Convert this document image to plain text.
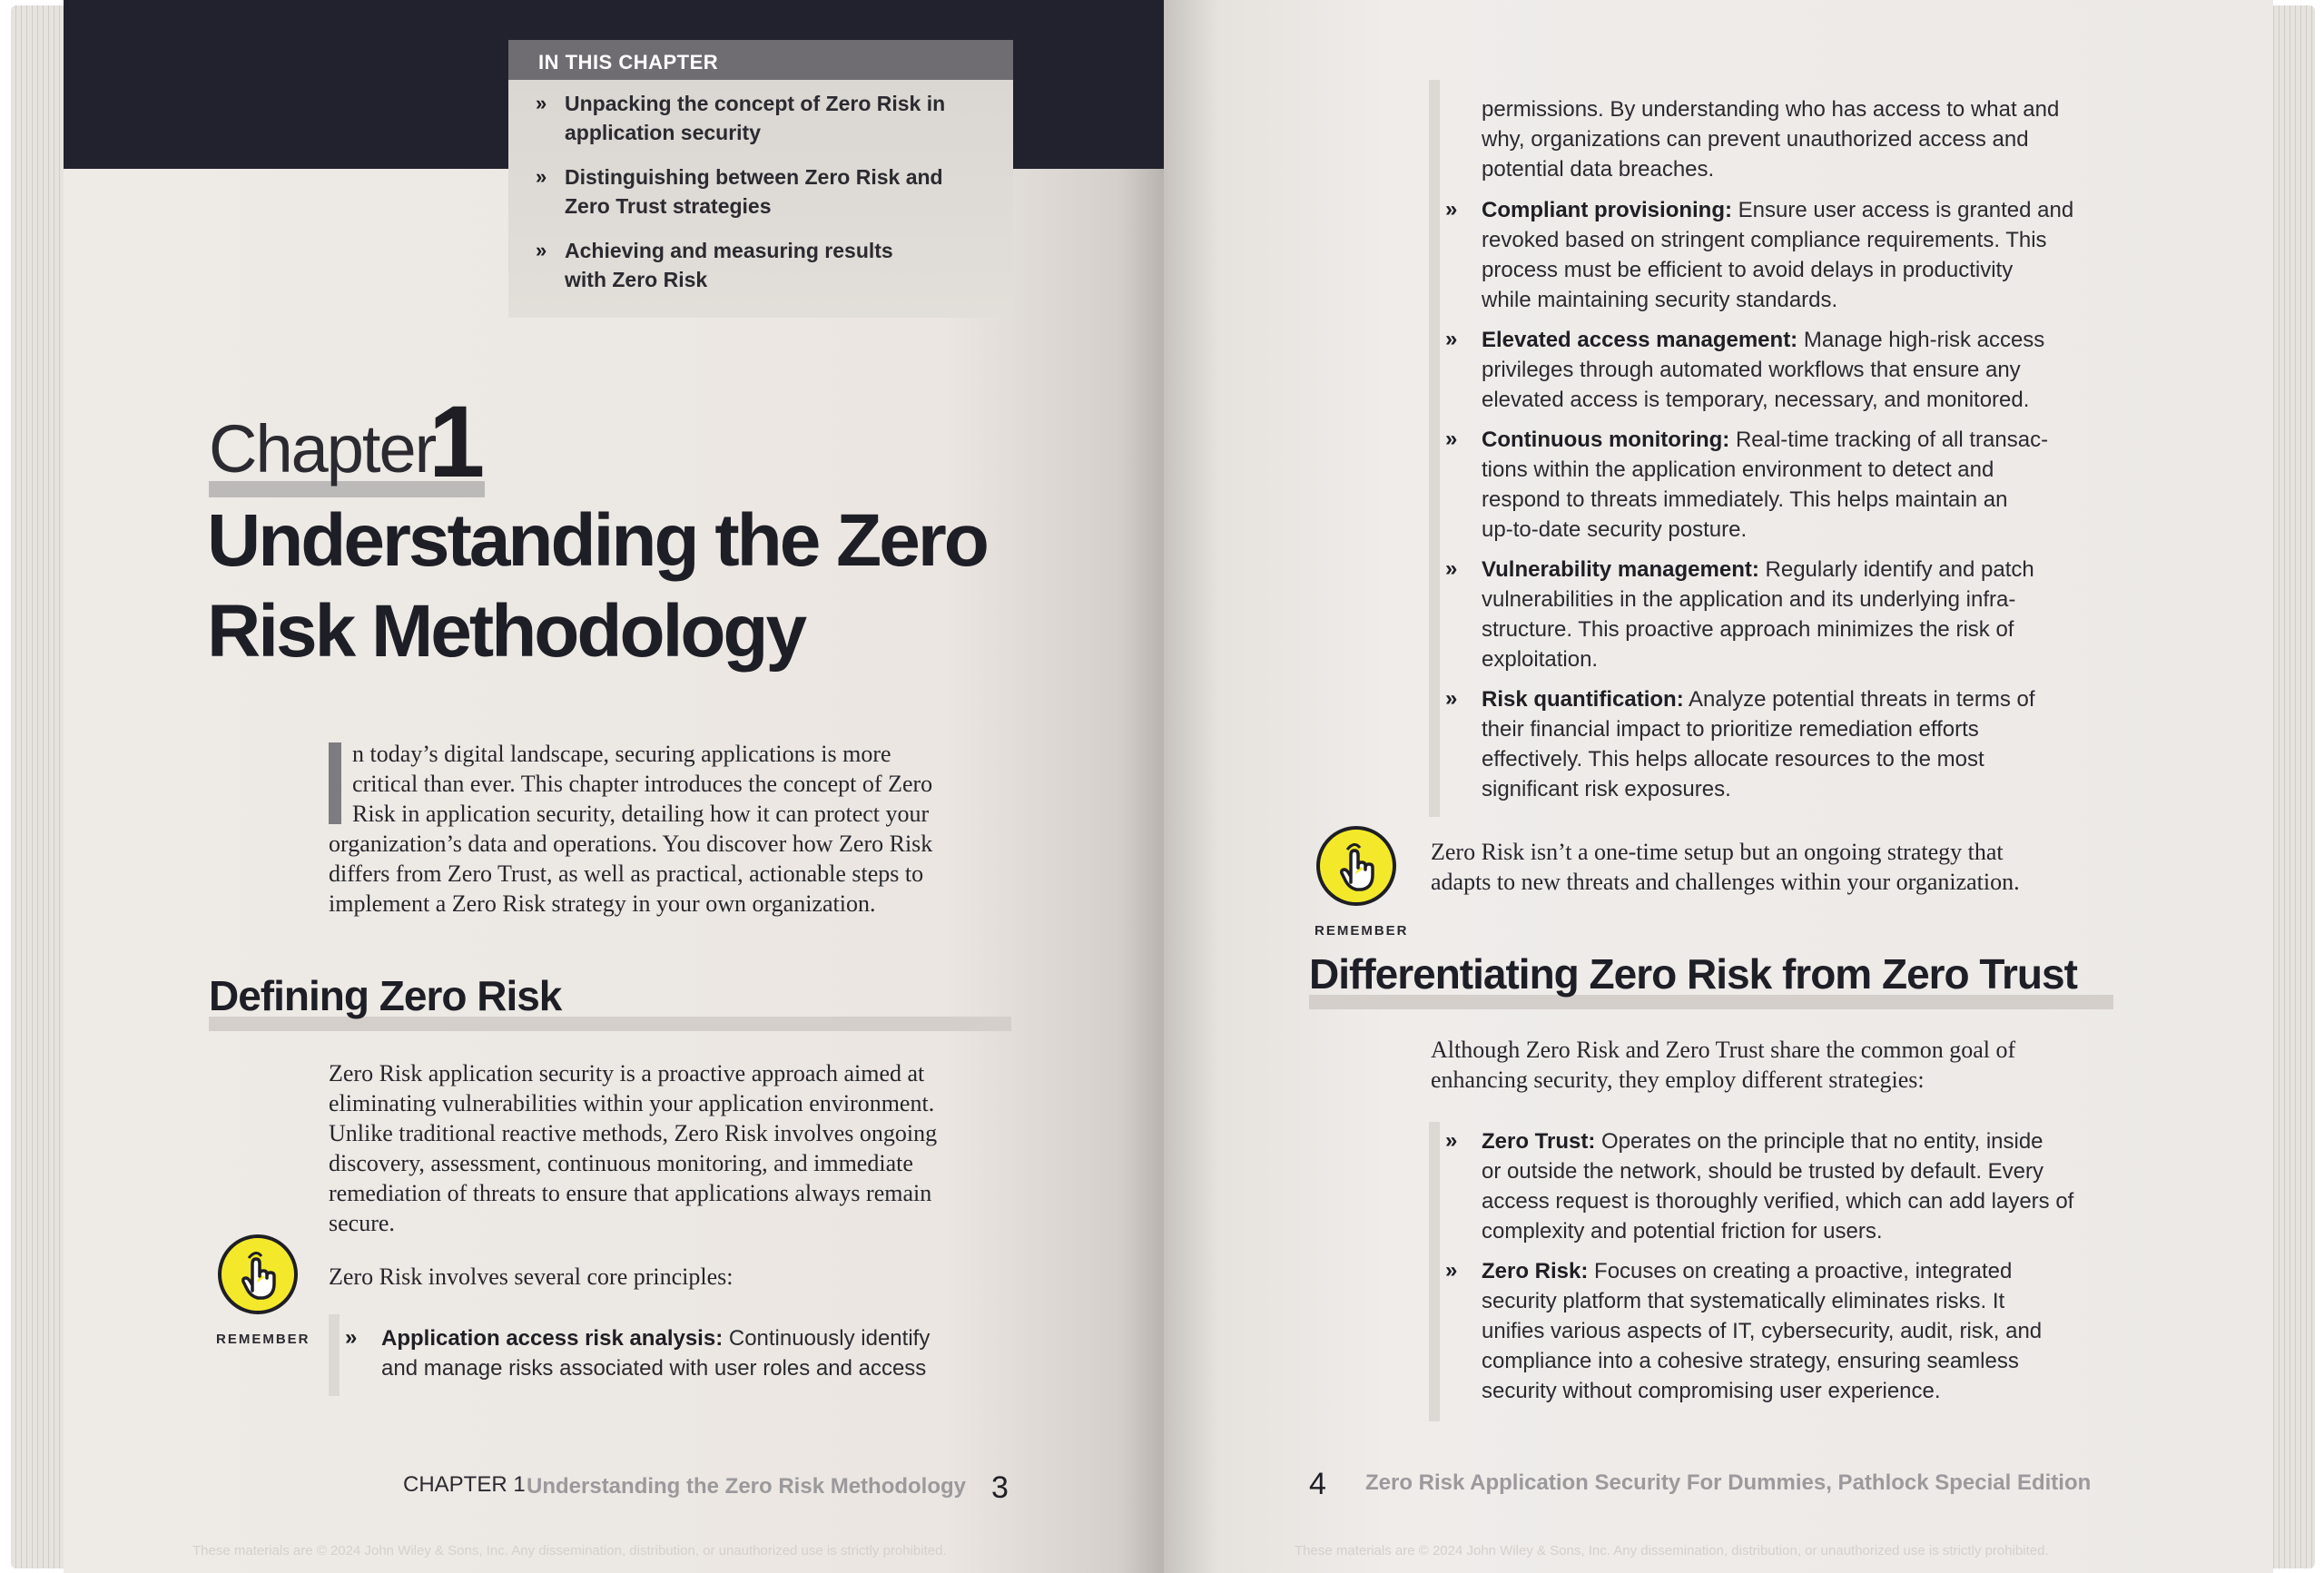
IN THIS CHAPTER
» Unpacking the concept of Zero Risk in
application security
» Distinguishing between Zero Risk and
Zero Trust strategies
» Achieving and measuring results
with Zero Risk
Chapter
1
Understanding the Zero
Risk Methodology
n today’s digital landscape, securing applications is more
critical than ever. This chapter introduces the concept of Zero
Risk in application security, detailing how it can protect your
organization’s data and operations. You discover how Zero Risk
differs from Zero Trust, as well as practical, actionable steps to
implement a Zero Risk strategy in your own organization.
Defining Zero Risk
Zero Risk application security is a proactive approach aimed at
eliminating vulnerabilities within your application environment.
Unlike traditional reactive methods, Zero Risk involves ongoing
discovery, assessment, continuous monitoring, and immediate
remediation of threats to ensure that applications always remain
secure.
REMEMBER
Zero Risk involves several core principles:
» Application access risk analysis: Continuously identify
and manage risks associated with user roles and access
CHAPTER 1 Understanding the Zero Risk Methodology 3
These materials are © 2024 John Wiley & Sons, Inc. Any dissemination, distribution, or unauthorized use is strictly prohibited.
permissions. By understanding who has access to what and
why, organizations can prevent unauthorized access and
potential data breaches.
» Compliant provisioning: Ensure user access is granted and
revoked based on stringent compliance requirements. This
process must be efficient to avoid delays in productivity
while maintaining security standards.
» Elevated access management: Manage high-risk access
privileges through automated workflows that ensure any
elevated access is temporary, necessary, and monitored.
» Continuous monitoring: Real-time tracking of all transac-
tions within the application environment to detect and
respond to threats immediately. This helps maintain an
up-to-date security posture.
» Vulnerability management: Regularly identify and patch
vulnerabilities in the application and its underlying infra-
structure. This proactive approach minimizes the risk of
exploitation.
» Risk quantification: Analyze potential threats in terms of
their financial impact to prioritize remediation efforts
effectively. This helps allocate resources to the most
significant risk exposures.
REMEMBER
Zero Risk isn’t a one-time setup but an ongoing strategy that
adapts to new threats and challenges within your organization.
Differentiating Zero Risk from Zero Trust
Although Zero Risk and Zero Trust share the common goal of
enhancing security, they employ different strategies:
» Zero Trust: Operates on the principle that no entity, inside
or outside the network, should be trusted by default. Every
access request is thoroughly verified, which can add layers of
complexity and potential friction for users.
» Zero Risk: Focuses on creating a proactive, integrated
security platform that systematically eliminates risks. It
unifies various aspects of IT, cybersecurity, audit, risk, and
compliance into a cohesive strategy, ensuring seamless
security without compromising user experience.
4 Zero Risk Application Security For Dummies, Pathlock Special Edition
These materials are © 2024 John Wiley & Sons, Inc. Any dissemination, distribution, or unauthorized use is strictly prohibited.
